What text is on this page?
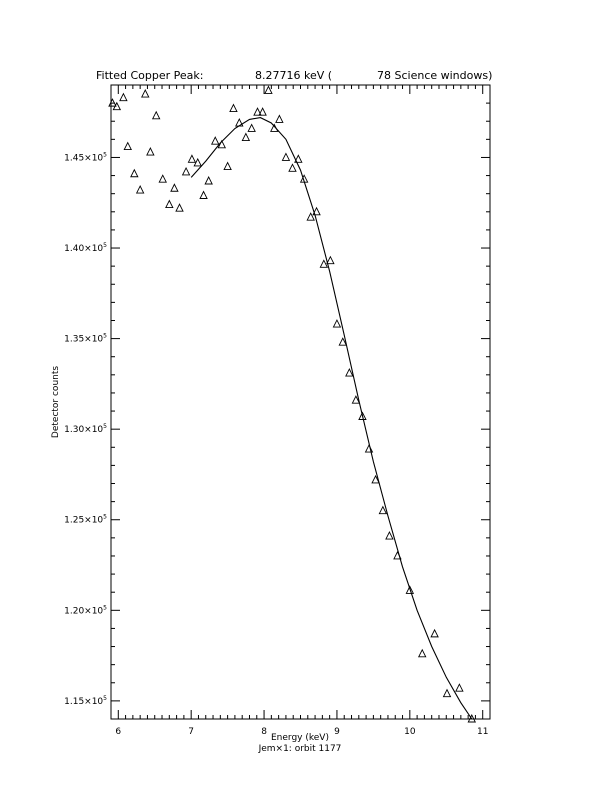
Fitted Copper Peak:	8.27716 keV (	78 Science windows)
6	7	8	9	10	11
$1.15\times 10^5$
$1.20\times 10^5$
$1.25\times 10^5$
$1.30\times 10^5$
$1.35\times 10^5$
$1.40\times 10^5$
$1.45\times 10^5$
Energy (keV)
Jem×1: orbit 1177
Detector counts
